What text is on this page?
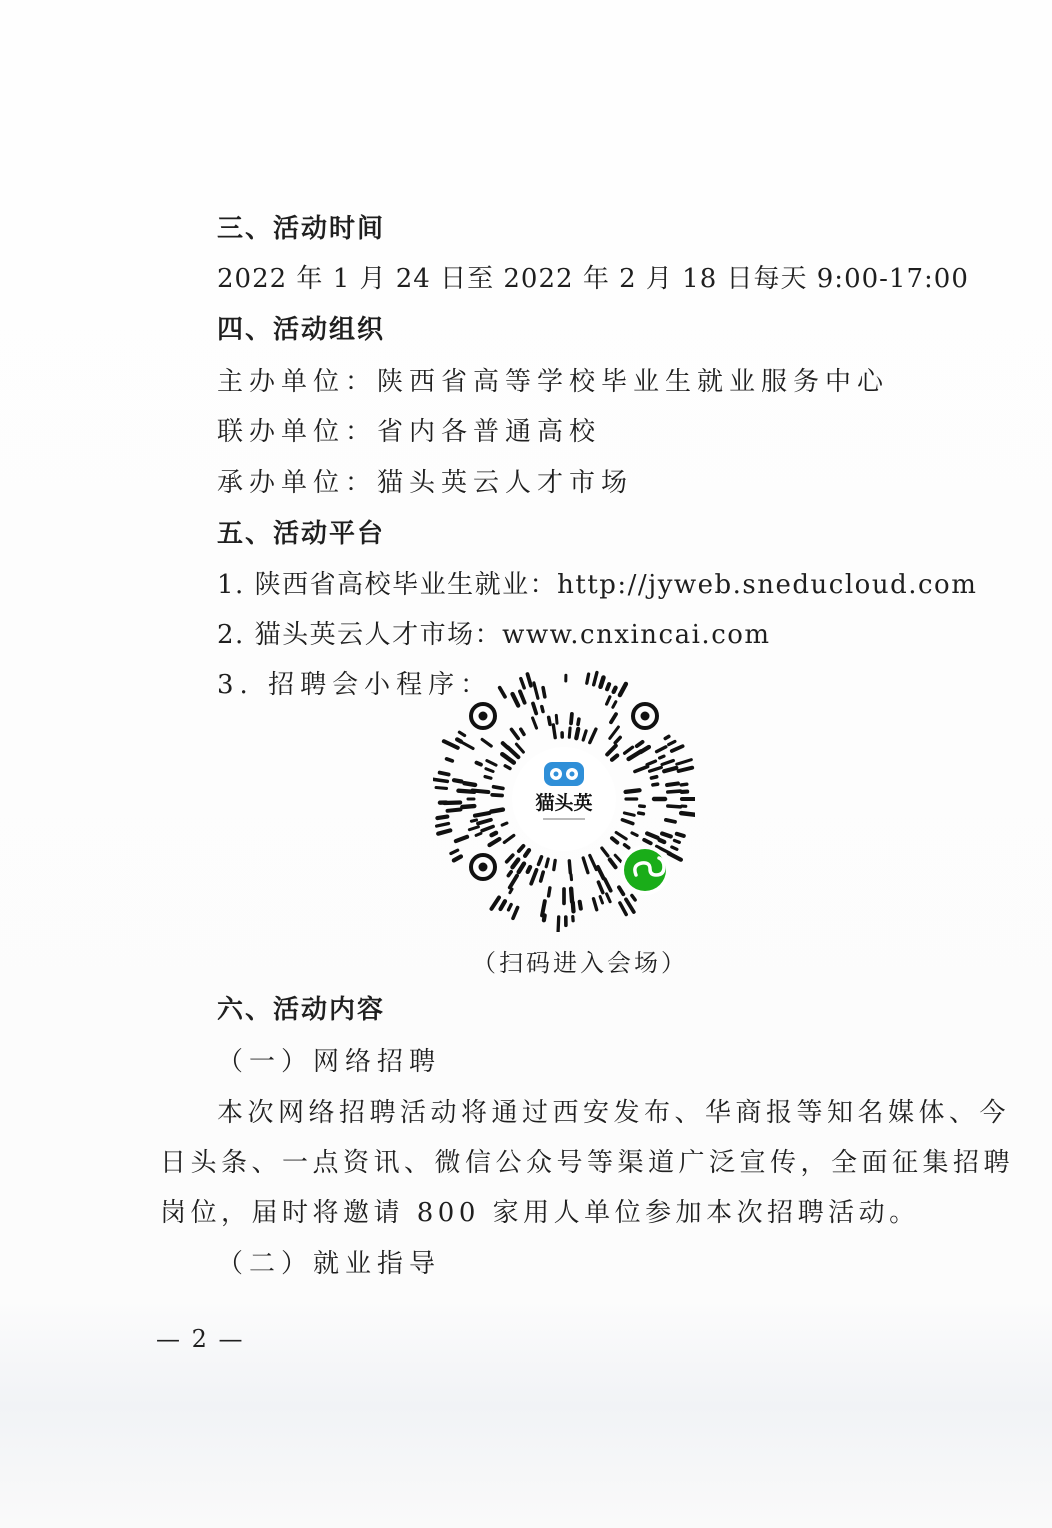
三、活动时间
2022 年 1 月 24 日至 2022 年 2 月 18 日每天 9:00-17:00
四、活动组织
主办单位：陕西省高等学校毕业生就业服务中心
联办单位：省内各普通高校
承办单位：猫头英云人才市场
五、活动平台
1. 陕西省高校毕业生就业：http://jyweb.sneducloud.com
2. 猫头英云人才市场：www.cnxincai.com
3. 招聘会小程序：
猫头英
（扫码进入会场）
六、活动内容
（一）网络招聘
本次网络招聘活动将通过西安发布、华商报等知名媒体、今
日头条、一点资讯、微信公众号等渠道广泛宣传，全面征集招聘
岗位，届时将邀请 800 家用人单位参加本次招聘活动。
（二）就业指导
— 2 —
